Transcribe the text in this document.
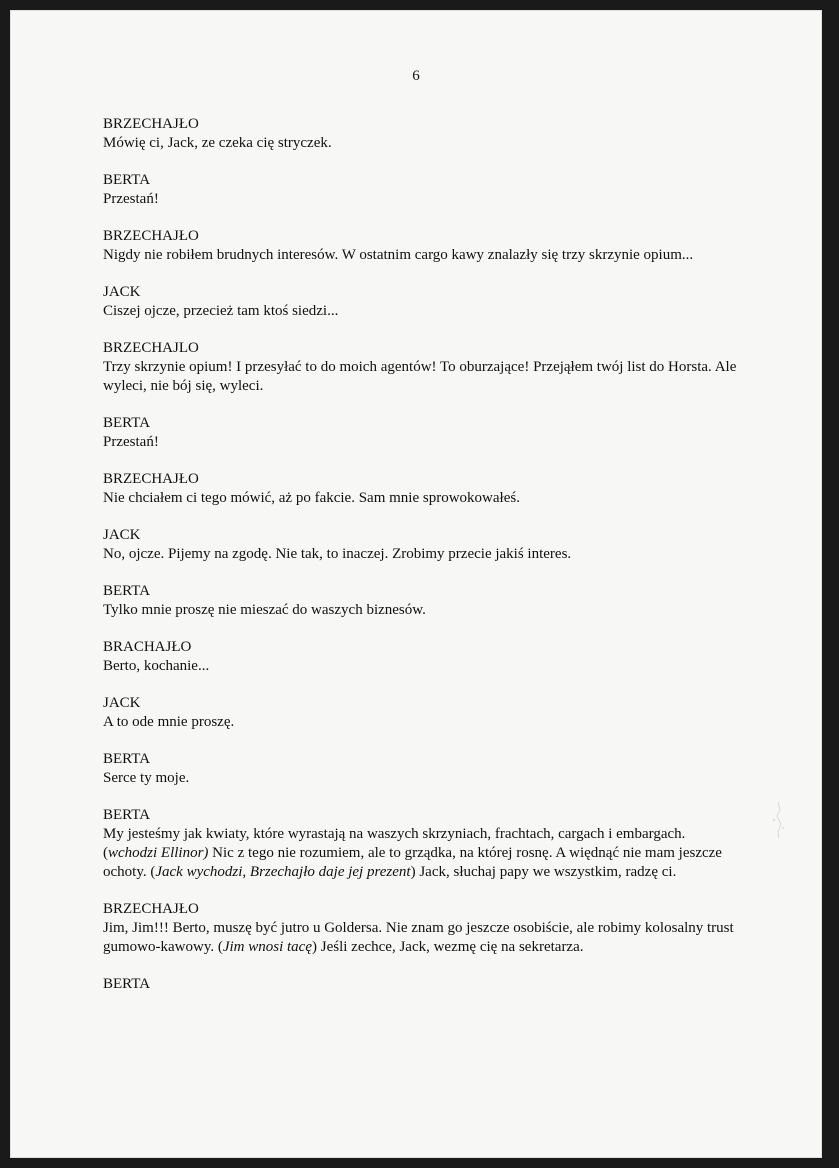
6
BRZECHAJŁO
Mówię ci, Jack, ze czeka cię stryczek.
BERTA
Przestań!
BRZECHAJŁO
Nigdy nie robiłem brudnych interesów. W ostatnim cargo kawy znalazły się trzy skrzynie opium...
JACK
Ciszej ojcze, przecież tam ktoś siedzi...
BRZECHAJLO
Trzy skrzynie opium! I przesyłać to do moich agentów! To oburzające! Przejąłem twój list do Horsta. Ale wyleci, nie bój się, wyleci.
BERTA
Przestań!
BRZECHAJŁO
Nie chciałem ci tego mówić, aż po fakcie. Sam mnie sprowokowałeś.
JACK
No, ojcze. Pijemy na zgodę. Nie tak, to inaczej. Zrobimy przecie jakiś interes.
BERTA
Tylko mnie proszę nie mieszać do waszych biznesów.
BRACHAJŁO
Berto, kochanie...
JACK
A to ode mnie proszę.
BERTA
Serce ty moje.
BERTA
My jesteśmy jak kwiaty, które wyrastają na waszych skrzyniach, frachtach, cargach i embargach. (wchodzi Ellinor) Nic z tego nie rozumiem, ale to grządka, na której rosnę. A więdnąć nie mam jeszcze ochoty. (Jack wychodzi, Brzechajło daje jej prezent) Jack, słuchaj papy we wszystkim, radzę ci.
BRZECHAJŁO
Jim, Jim!!! Berto, muszę być jutro u Goldersa. Nie znam go jeszcze osobiście, ale robimy kolosalny trust gumowo-kawowy. (Jim wnosi tacę) Jeśli zechce, Jack, wezmę cię na sekretarza.
BERTA
